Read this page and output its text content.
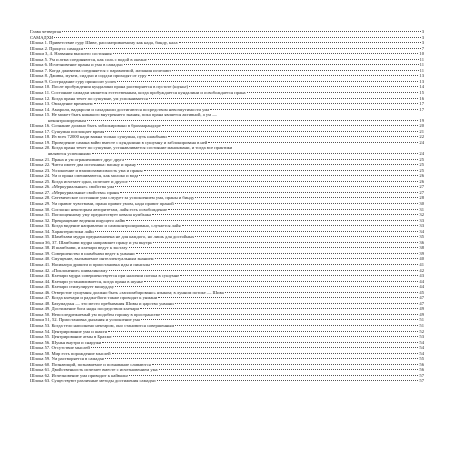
Глава четвертая	3
САМАДХИ	3
Шлока 1. Приветствие гуру Шиве, рассматриваемому как нада, бинду, кала	3
Шлока 2. Процесс самадхи	7
Шлоки 3, 4. Названия высшего состояния	10
Шлока 5. Ум и атма соединяются, как соль с водой в океане	11
Шлока 6. Исчезновение праны и ума в самадхи	11
Шлока 7. Когда дживатма соединяется с параматмой, желания исчезают	11
Шлока 8. Дживы, мукти, сиддхи и сиддхи приходят от гуру	13
Шлока 9. Сострадание гуру приносит успех	13
Шлока 10. После пробуждения кундалини прана растворяется в пустоте (шунье)	14
Шлока 11. Состояние самадхи является естественным, когда пробуждается кундалини и освобождается прана	15
Шлока 12. Когда прана течет по сушумне, ум успокаивается	16
Шлока 13. Овладение временем	17
Шлока 14. Амароли, ваджроли и сахаджоли достигаются посредством невозмутимости ума	17
Шлока 15. Не может быть никакого внутреннего знания, пока прана является активной, а ум —
неконтролируемым	19
Шлока 16. Сознание должно быть заблокировано в брахмарандхре	20
Шлока 17. Сушумна поглощает время	21
Шлока 18. Из всех 72000 нади важна только сушумна, путь шамбхави	22
Шлока 19. Проведение самана вайю вместе с кундалини в сушумну и заблокирована в ней	24
Шлока 20. Когда прана течет по сушумне, устанавливается состояние манонмани, и тогда все практики
являются успешными	24
Шлока 21. Прана и ум ограничивают друг друга	25
Шлока 22. Читта имеет два источника: васану и прану	25
Шлока 23. Успокоение и взаимозависимость ума и праны	25
Шлока 24. Ум и прана смешиваются, как молоко и вода	26
Шлока 25. Когда исчезает одно, исчезает и другое	26
Шлока 26. «Меркуриальные» свойства ума	27
Шлока 27. «Меркуриальные свойства» праны	27
Шлока 28. Саттвическое состояние ума следует за успокоением ума, праны и бинду	28
Шлока 29. Ум правит чувствами, прана правит умом, нада правит праной	30
Шлока 30. Согласно некоторым авторитетам, лайя есть освобождение	31
Шлока 31. Поглощенному уму предшествует кевала кумбхака	32
Шлока 32. Прекращение ведения ищущего лайю	33
Шлока 33. Когда видение направлено и самоконтролировано, случается лайя	33
Шлока 34. Характеристики лайи	34
Шлока 35. Шамбхави мудра предназначена не для каждого, но лишь для достойных	35
Шлоки 36, 37. Шамбхави мудра направляет прану и ум внутрь	36
Шлока 38. И шамбхави, и кхечари ведут к экстазу	38
Шлока 39. Совершенство в шамбхави ведет к унмани	39
Шлока 40. Смущение, вызываемое интеллектуальным знанием	40
Шлока 41. Насикагра дришти и приостановка иды и пингалы	41
Шлока 42. «Поклонение» шивалингаму	42
Шлока 43. Кхечари мудра совершенствуется при наличии потока в сушумне	43
Шлока 44. Кхечари устанавливается, когда прана в шунье	44
Шлока 45. Кхечари стимулирует вишуддху	44
Шлока 46. Отверстие сушумны должно быть «запломбировано» языком; в лунном потоке — Шива	45
Шлока 47. Когда кхечари и раджа-йоги также проводят к унмани	47
Шлока 48. Бахумадхья — это место пребывания Шивы и царство унмани	47
Шлока 49. Достижение бога нады посредством кхечари	49
Шлока 50. Непоследрежаемый ум подобен горшку в пространстве	49
Шлоки 51, 52. Приостановка дыхания и успокоение ума	51
Шлока 53. Когда тело наполнено нектаром, оно становится совершенным	51
Шлока 54. Центрирование ума и шакти	52
Шлока 55. Центрирование атмы в Брахме	53
Шлока 56. Шунья внутри и снаружи	54
Шлока 57. Отсутствие мыслей	54
Шлока 58. Мир есть порождение мыслей	54
Шлока 59. Ум растворяется в самадхи	55
Шлока 60. Познающий, познаваемое и познавание сливаются	56
Шлока 61. Двойственность исчезает вместе с исчезновением ума	56
Шлока 62. Исчезновение ума приводит к кайвалье	57
Шлока 63. Существуют различные методы достижения самадхи	57
